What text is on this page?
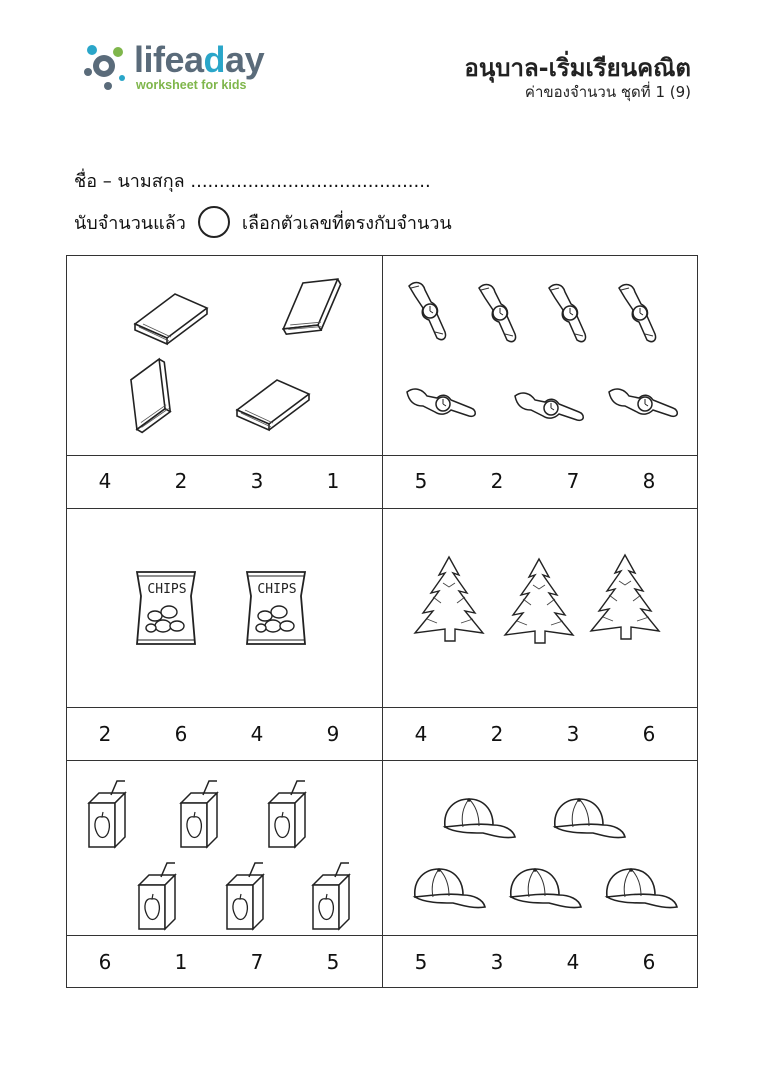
lifeaday
worksheet for kids
อนุบาล-เริ่มเรียนคณิต
ค่าของจำนวน ชุดที่ 1 (9)
ชื่อ – นามสกุล ..........................................
นับจำนวนแล้ว	เลือกตัวเลขที่ตรงกับจำนวน
4	2	3	1	5	2	7	8
CHIPS	CHIPS
2	6	4	9	4	2	3	6
6	1	7	5	5	3	4	6
